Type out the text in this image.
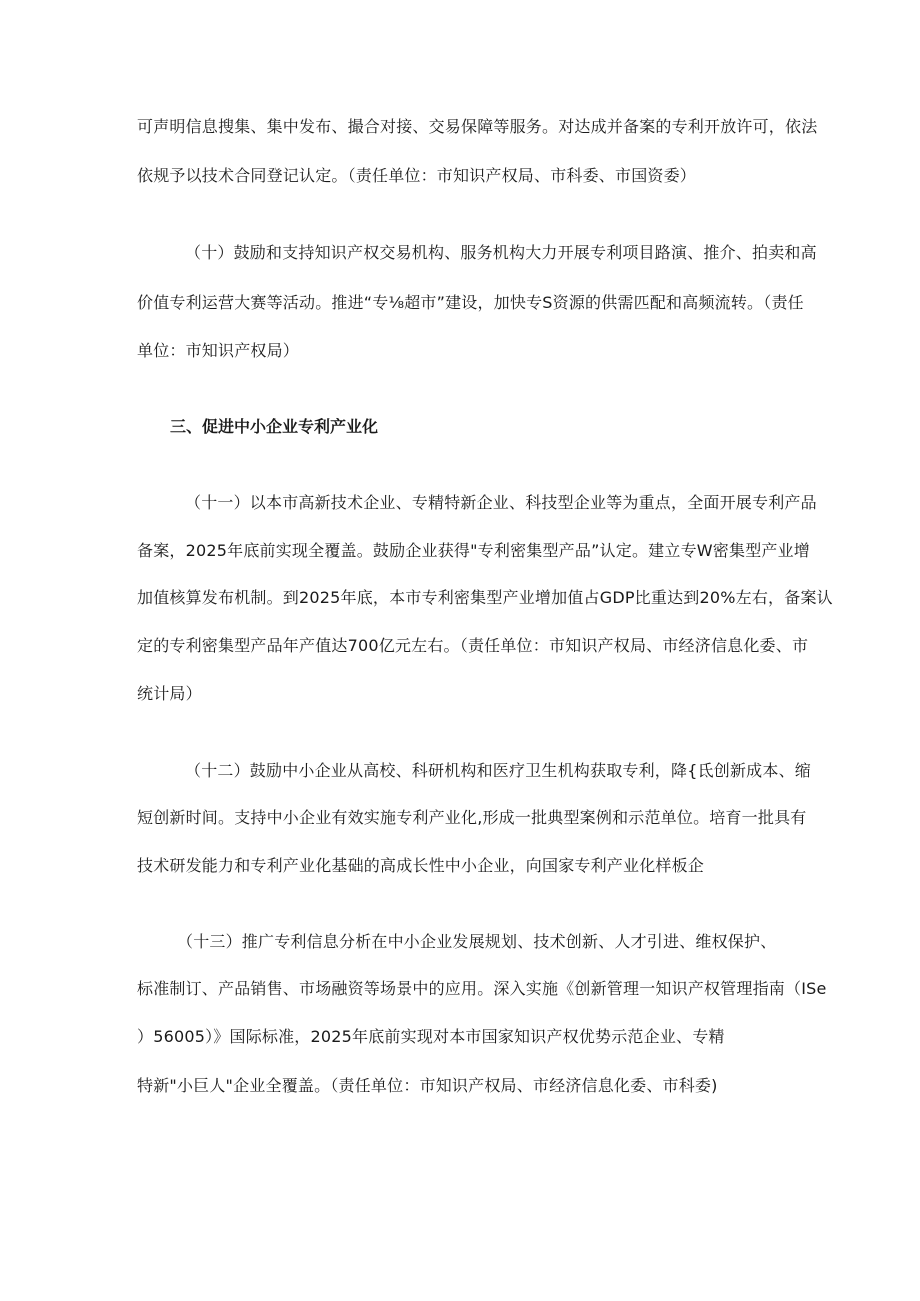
可声明信息搜集、集中发布、撮合对接、交易保障等服务。对达成并备案的专利开放许可，依法
依规予以技术合同登记认定。（责任单位：市知识产权局、市科委、市国资委）
（十）鼓励和支持知识产权交易机构、服务机构大力开展专利项目路演、推介、拍卖和高
价值专利运营大赛等活动。推进“专⅛超市”建设，加快专S资源的供需匹配和高频流转。（责任
单位：市知识产权局）
三、促进中小企业专利产业化
（十一）以本市高新技术企业、专精特新企业、科技型企业等为重点，全面开展专利产品
备案，2025年底前实现全覆盖。鼓励企业获得"专利密集型产品”认定。建立专W密集型产业增
加值核算发布机制。到2025年底，本市专利密集型产业增加值占GDP比重达到20%左右，备案认
定的专利密集型产品年产值达700亿元左右。（责任单位：市知识产权局、市经济信息化委、市
统计局）
（十二）鼓励中小企业从高校、科研机构和医疗卫生机构获取专利，降{氐创新成本、缩
短创新时间。支持中小企业有效实施专利产业化,形成一批典型案例和示范单位。培育一批具有
技术研发能力和专利产业化基础的高成长性中小企业，向国家专利产业化样板企
（十三）推广专利信息分析在中小企业发展规划、技术创新、人才引进、维权保护、
标准制订、产品销售、市场融资等场景中的应用。深入实施《创新管理一知识产权管理指南（ISe
）56005）》国际标准，2025年底前实现对本市国家知识产权优势示范企业、专精
特新"小巨人"企业全覆盖。（责任单位：市知识产权局、市经济信息化委、市科委)
